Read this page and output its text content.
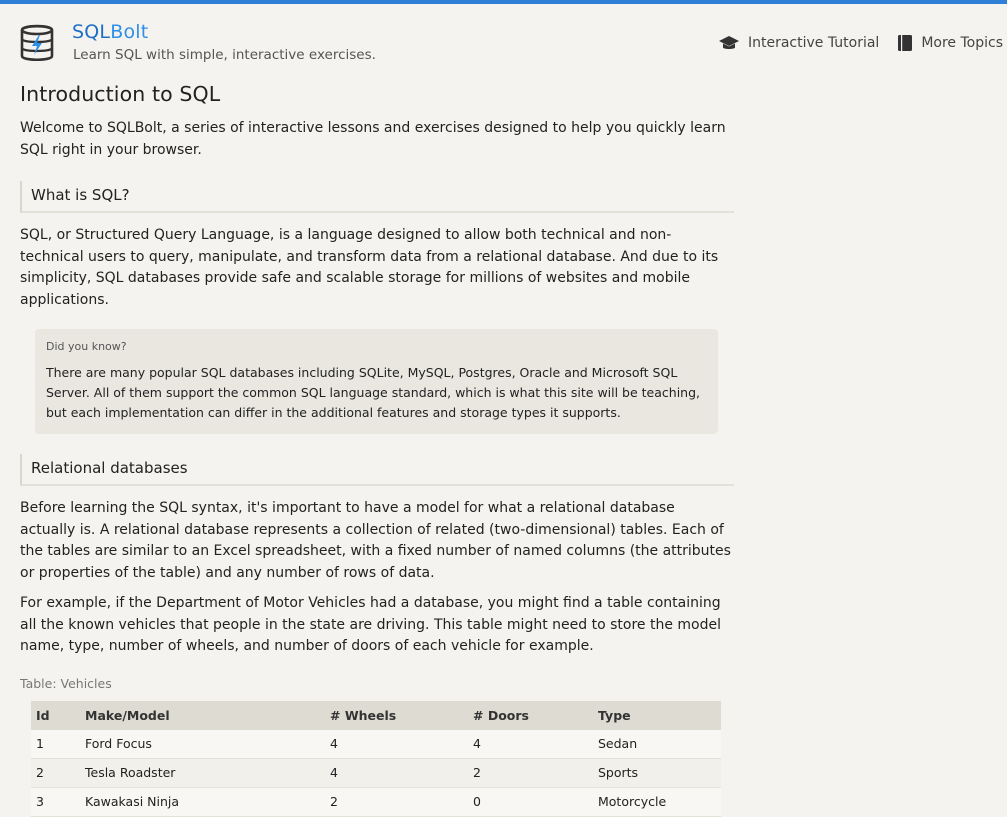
SQLBolt
Learn SQL with simple, interactive exercises.
Interactive Tutorial	More Topics
Introduction to SQL

Welcome to SQLBolt, a series of interactive lessons and exercises designed to help you quickly learn SQL right in your browser.

What is SQL?

SQL, or Structured Query Language, is a language designed to allow both technical and non-technical users to query, manipulate, and transform data from a relational database. And due to its simplicity, SQL databases provide safe and scalable storage for millions of websites and mobile applications.

Did you know?
There are many popular SQL databases including SQLite, MySQL, Postgres, Oracle and Microsoft SQL Server. All of them support the common SQL language standard, which is what this site will be teaching, but each implementation can differ in the additional features and storage types it supports.
Relational databases

Before learning the SQL syntax, it's important to have a model for what a relational database actually is. A relational database represents a collection of related (two-dimensional) tables. Each of the tables are similar to an Excel spreadsheet, with a fixed number of named columns (the attributes or properties of the table) and any number of rows of data.

For example, if the Department of Motor Vehicles had a database, you might find a table containing all the known vehicles that people in the state are driving. This table might need to store the model name, type, number of wheels, and number of doors of each vehicle for example.

Table: Vehicles
Id	Make/Model	# Wheels	# Doors	Type
1	Ford Focus	4	4	Sedan
2	Tesla Roadster	4	2	Sports
3	Kawakasi Ninja	2	0	Motorcycle
